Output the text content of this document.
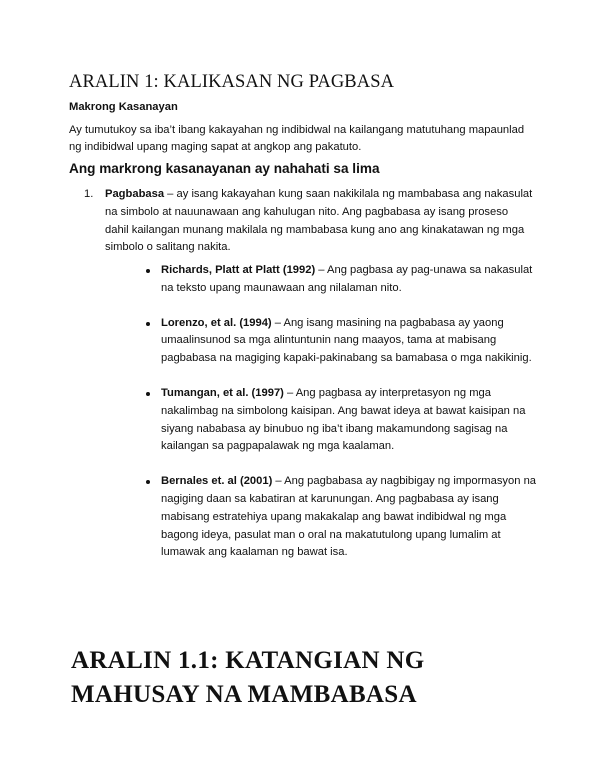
ARALIN 1: KALIKASAN NG PAGBASA

Makrong Kasanayan

Ay tumutukoy sa iba’t ibang kakayahan ng indibidwal na kailangang matutuhang mapaunlad ng indibidwal upang maging sapat at angkop ang pakatuto.

Ang markrong kasanayanan ay nahahati sa lima
1. Pagbabasa – ay isang kakayahan kung saan nakikilala ng mambabasa ang nakasulat na simbolo at nauunawaan ang kahulugan nito. Ang pagbabasa ay isang proseso dahil kailangan munang makilala ng mambabasa kung ano ang kinakatawan ng mga simbolo o salitang nakita.
Richards, Platt at Platt (1992) – Ang pagbasa ay pag-unawa sa nakasulat na teksto upang maunawaan ang nilalaman nito.
Lorenzo, et al. (1994) – Ang isang masining na pagbabasa ay yaong umaalinsunod sa mga alintuntunin nang maayos, tama at mabisang pagbabasa na magiging kapaki-pakinabang sa bamabasa o mga nakikinig.
Tumangan, et al. (1997) – Ang pagbasa ay interpretasyon ng mga nakalimbag na simbolong kaisipan. Ang bawat ideya at bawat kaisipan na siyang nababasa ay binubuo ng iba’t ibang makamundong sagisag na kailangan sa pagpapalawak ng mga kaalaman.
Bernales et. al (2001) – Ang pagbabasa ay nagbibigay ng impormasyon na nagiging daan sa kabatiran at karunungan. Ang pagbabasa ay isang mabisang estratehiya upang makakalap ang bawat indibidwal ng mga bagong ideya, pasulat man o oral na makatutulong upang lumalim at lumawak ang kaalaman ng bawat isa.
ARALIN 1.1: KATANGIAN NG MAHUSAY NA MAMBABASA
